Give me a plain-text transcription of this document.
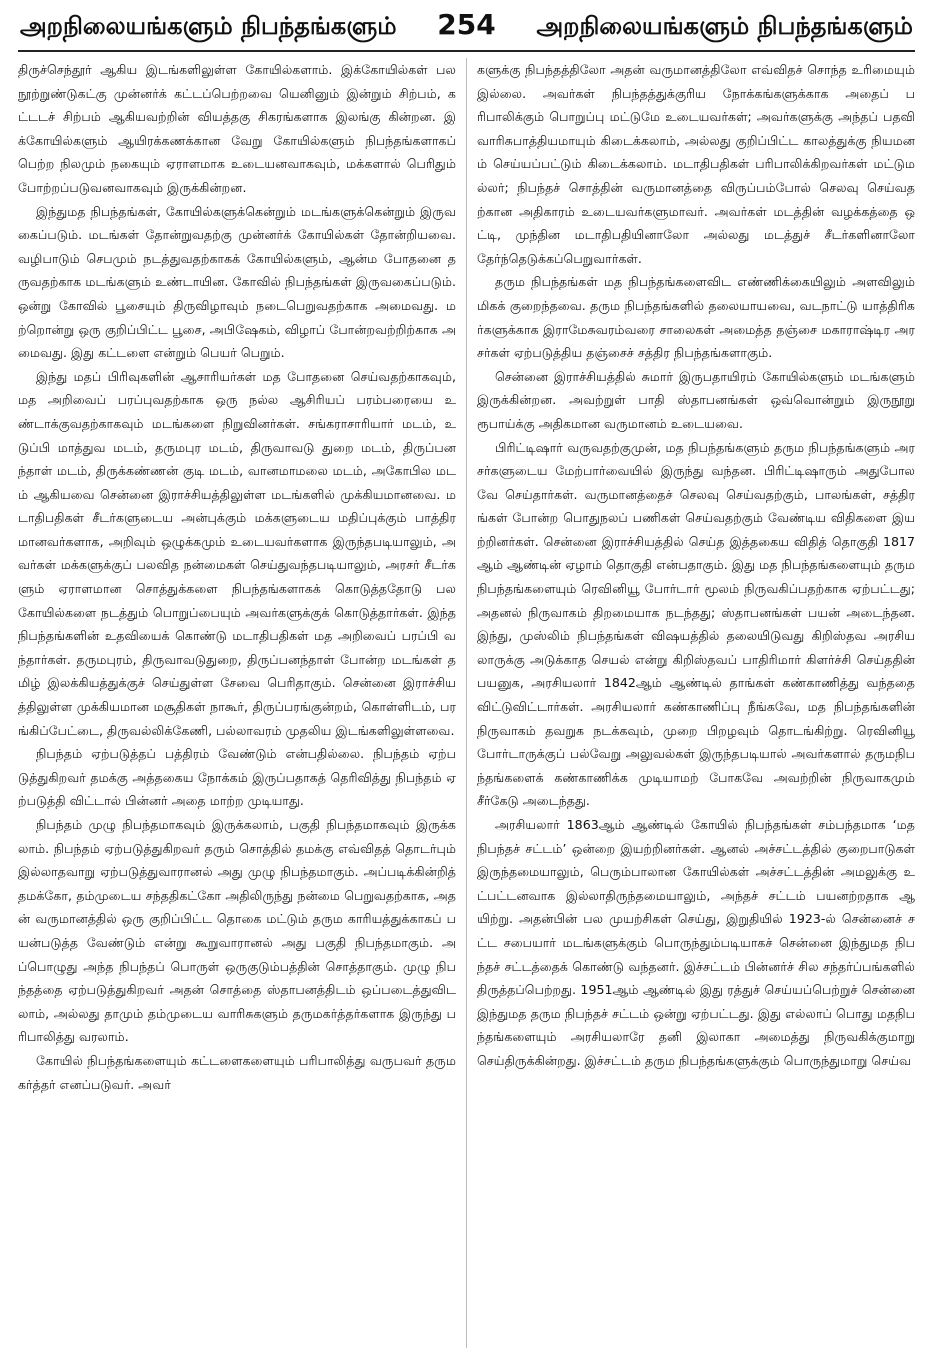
அறநிலையங்களும் நிபந்தங்களும் 254 அறநிலையங்களும் நிபந்தங்களும்

திருச்செந்தூர் ஆகிய இடங்களிலுள்ள கோயில்களாம். இக்கோயில்கள் பல நூற்றுண்டுகட்கு முன்னர்க் கட்டப்பெற்றவை யெனினும் இன்றும் சிற்பம், கட்டடச் சிற்பம் ஆகியவற்றின் வியத்தகு சிகரங்களாக இலங்கு கின்றன. இக்கோயில்களும் ஆயிரக்கணக்கான வேறு கோயில்களும் நிபந்தங்களாகப் பெற்ற நிலமும் நகையும் ஏராளமாக உடையனவாகவும், மக்களால் பெரிதும் போற்றப்படுவனவாகவும் இருக்கின்றன.

இந்துமத நிபந்தங்கள், கோயில்களுக்கென்றும் மடங்களுக்கென்றும் இருவகைப்படும். மடங்கள் தோன்றுவதற்கு முன்னர்க் கோயில்கள் தோன்றியவை. வழிபாடும் செபமும் நடத்துவதற்காகக் கோயில்களும், ஆன்ம போதனை தருவதற்காக மடங்களும் உண்டாயின. கோவில் நிபந்தங்கள் இருவகைப்படும். ஒன்று கோவில் பூசையும் திருவிழாவும் நடைபெறுவதற்காக அமைவது. மற்றொன்று ஒரு குறிப்பிட்ட பூசை, அபிஷேகம், விழாப் போன்றவற்றிற்காக அமைவது. இது கட்டளை என்றும் பெயர் பெறும்.

இந்து மதப் பிரிவுகளின் ஆசாரியர்கள் மத போதனை செய்வதற்காகவும், மத அறிவைப் பரப்புவதற்காக ஒரு நல்ல ஆசிரியப் பரம்பரையை உண்டாக்குவதற்காகவும் மடங்களை நிறுவினர்கள். சங்கராசாரியார் மடம், உடுப்பி மாத்துவ மடம், தருமபுர மடம், திருவாவடு துறை மடம், திருப்பனந்தாள் மடம், திருக்கண்ணன் குடி மடம், வானமாமலை மடம், அகோபில மடம் ஆகியவை சென்னை இராச்சியத்திலுள்ள மடங்களில் முக்கியமானவை. மடாதிபதிகள் சீடர்களுடைய அன்புக்கும் மக்களுடைய மதிப்புக்கும் பாத்திரமானவர்களாக, அறிவும் ஒழுக்கமும் உடையவர்களாக இருந்தபடியாலும், அவர்கள் மக்களுக்குப் பலவித நன்மைகள் செய்துவந்தபடியாலும், அரசர் சீடர்களும் ஏராளமான சொத்துக்களை நிபந்தங்களாகக் கொடுத்ததோடு பல கோயில்களை நடத்தும் பொறுப்பையும் அவர்களுக்குக் கொடுத்தார்கள். இந்த நிபந்தங்களின் உதவியைக் கொண்டு மடாதிபதிகள் மத அறிவைப் பரப்பி வந்தார்கள். தருமபுரம், திருவாவடுதுறை, திருப்பனந்தாள் போன்ற மடங்கள் தமிழ் இலக்கியத்துக்குச் செய்துள்ள சேவை பெரிதாகும். சென்னை இராச்சியத்திலுள்ள முக்கியமான மசூதிகள் நாகூர், திருப்பரங்குன்றம், கொள்ளிடம், பரங்கிப்பேட்டை, திருவல்லிக்கேணி, பல்லாவரம் முதலிய இடங்களிலுள்ளவை.

நிபந்தம் ஏற்படுத்தப் பத்திரம் வேண்டும் என்பதில்லை. நிபந்தம் ஏற்படுத்துகிறவர் தமக்கு அத்தகைய நோக்கம் இருப்பதாகத் தெரிவித்து நிபந்தம் ஏற்படுத்தி விட்டால் பின்னர் அதை மாற்ற முடியாது.

நிபந்தம் முழு நிபந்தமாகவும் இருக்கலாம், பகுதி நிபந்தமாகவும் இருக்கலாம். நிபந்தம் ஏற்படுத்துகிறவர் தரும் சொத்தில் தமக்கு எவ்விதத் தொடர்பும் இல்லாதவாறு ஏற்படுத்துவாரானல் அது முழு நிபந்தமாகும். அப்படிக்கின்றித் தமக்கோ, தம்முடைய சந்ததிகட்கோ அதிலிருந்து நன்மை பெறுவதற்காக, அதன் வருமானத்தில் ஒரு குறிப்பிட்ட தொகை மட்டும் தரும காரியத்துக்காகப் பயன்படுத்த வேண்டும் என்று கூறுவாரானல் அது பகுதி நிபந்தமாகும். அப்பொழுது அந்த நிபந்தப் பொருள் ஒருகுடும்பத்தின் சொத்தாகும். முழு நிபந்தத்தை ஏற்படுத்துகிறவர் அதன் சொத்தை ஸ்தாபனத்திடம் ஒப்படைத்துவிடலாம், அல்லது தாமும் தம்முடைய வாரிசுகளும் தருமகர்த்தர்களாக இருந்து பரிபாலித்து வரலாம்.

கோயில் நிபந்தங்களையும் கட்டளைகளையும் பரிபாலித்து வருபவர் தருமகர்த்தர் எனப்படுவர். அவர்

களுக்கு நிபந்தத்திலோ அதன் வருமானத்திலோ எவ்விதச் சொந்த உரிமையும் இல்லை. அவர்கள் நிபந்தத்துக்குரிய நோக்கங்களுக்காக அதைப் பரிபாலிக்கும் பொறுப்பு மட்டுமே உடையவர்கள்; அவர்களுக்கு அந்தப் பதவி வாரிசுபாத்தியமாயும் கிடைக்கலாம், அல்லது குறிப்பிட்ட காலத்துக்கு நியமனம் செய்யப்பட்டும் கிடைக்கலாம். மடாதிபதிகள் பரிபாலிக்கிறவர்கள் மட்டுமல்லர்; நிபந்தச் சொத்தின் வருமானத்தை விருப்பம்போல் செலவு செய்வதற்கான அதிகாரம் உடையவர்களுமாவர். அவர்கள் மடத்தின் வழக்கத்தை ஒட்டி, முந்தின மடாதிபதியினாலோ அல்லது மடத்துச் சீடர்களினாலோ தேர்ந்தெடுக்கப்பெறுவார்கள்.

தரும நிபந்தங்கள் மத நிபந்தங்களைவிட எண்ணிக்கையிலும் அளவிலும் மிகக் குறைந்தவை. தரும நிபந்தங்களில் தலையாயவை, வடநாட்டு யாத்திரிகர்களுக்காக இராமேசுவரம்வரை சாலைகள் அமைத்த தஞ்சை மகாராஷ்டிர அரசர்கள் ஏற்படுத்திய தஞ்சைச் சத்திர நிபந்தங்களாகும்.

சென்னை இராச்சியத்தில் சுமார் இருபதாயிரம் கோயில்களும் மடங்களும் இருக்கின்றன. அவற்றுள் பாதி ஸ்தாபனங்கள் ஒவ்வொன்றும் இருநூறு ரூபாய்க்கு அதிகமான வருமானம் உடையவை.

பிரிட்டிஷார் வருவதற்குமுன், மத நிபந்தங்களும் தரும நிபந்தங்களும் அரசர்களுடைய மேற்பார்வையில் இருந்து வந்தன. பிரிட்டிஷாரும் அதுபோலவே செய்தார்கள். வருமானத்தைச் செலவு செய்வதற்கும், பாலங்கள், சத்திரங்கள் போன்ற பொதுநலப் பணிகள் செய்வதற்கும் வேண்டிய விதிகளை இயற்றினர்கள். சென்னை இராச்சியத்தில் செய்த இத்தகைய விதித் தொகுதி 1817ஆம் ஆண்டின் ஏழாம் தொகுதி என்பதாகும். இது மத நிபந்தங்களையும் தரும நிபந்தங்களையும் ரெவினியூ போர்டார் மூலம் நிருவகிப்பதற்காக ஏற்பட்டது; அதனல் நிருவாகம் திறமையாக நடந்தது; ஸ்தாபனங்கள் பயன் அடைந்தன. இந்து, முஸ்லிம் நிபந்தங்கள் விஷயத்தில் தலையிடுவது கிறிஸ்தவ அரசியலாருக்கு அடுக்காத செயல் என்று கிறிஸ்தவப் பாதிரிமார் கிளர்ச்சி செய்ததின் பயனுக, அரசியலார் 1842ஆம் ஆண்டில் தாங்கள் கண்காணித்து வந்ததை விட்டுவிட்டார்கள். அரசியலார் கண்காணிப்பு நீங்கவே, மத நிபந்தங்களின் நிருவாகம் தவறுக நடக்கவும், முறை பிறழவும் தொடங்கிற்று. ரெவினியூ போர்டாருக்குப் பல்வேறு அலுவல்கள் இருந்தபடியால் அவர்களால் தருமநிபந்தங்களைக் கண்காணிக்க முடியாமற் போகவே அவற்றின் நிருவாகமும் சீர்கேடு அடைந்தது.

அரசியலார் 1863ஆம் ஆண்டில் கோயில் நிபந்தங்கள் சம்பந்தமாக ‘மத நிபந்தச் சட்டம்’ ஒன்றை இயற்றினர்கள். ஆனல் அச்சட்டத்தில் குறைபாடுகள் இருந்தமையாலும், பெரும்பாலான கோயில்கள் அச்சட்டத்தின் அமலுக்கு உட்பட்டனவாக இல்லாதிருந்தமையாலும், அந்தச் சட்டம் பயனற்றதாக ஆயிற்று. அதன்பின் பல முயற்சிகள் செய்து, இறுதியில் 1923-ல் சென்னைச் சட்ட சபையார் மடங்களுக்கும் பொருந்தும்படியாகச் சென்னை இந்துமத நிபந்தச் சட்டத்தைக் கொண்டு வந்தனர். இச்சட்டம் பின்னர்ச் சில சந்தர்ப்பங்களில் திருத்தப்பெற்றது. 1951ஆம் ஆண்டில் இது ரத்துச் செய்யப்பெற்றுச் சென்னை இந்துமத தரும நிபந்தச் சட்டம் ஒன்று ஏற்பட்டது. இது எல்லாப் பொது மதநிபந்தங்களையும் அரசியலாரே தனி இலாகா அமைத்து நிருவகிக்குமாறு செய்திருக்கின்றது. இச்சட்டம் தரும நிபந்தங்களுக்கும் பொருந்துமாறு செய்வ
